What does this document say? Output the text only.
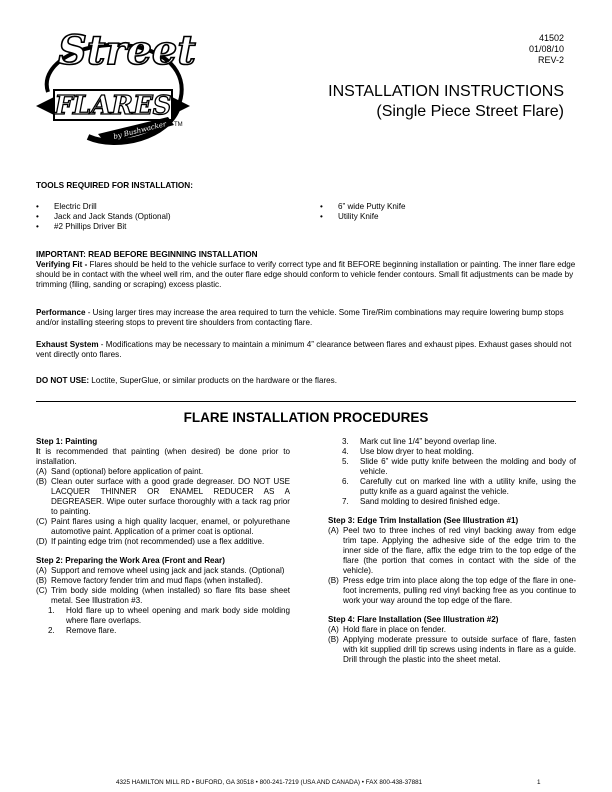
Street
FLARES
TM
by Bushwacker
41502
01/08/10
REV-2
INSTALLATION INSTRUCTIONS
(Single Piece Street Flare)
TOOLS REQUIRED FOR INSTALLATION:
• Electric Drill
• Jack and Jack Stands (Optional)
• #2 Phillips Driver Bit
• 6” wide Putty Knife
• Utility Knife
IMPORTANT: READ BEFORE BEGINNING INSTALLATION
Verifying Fit - Flares should be held to the vehicle surface to verify correct type and fit BEFORE beginning installation or painting. The inner flare edge should be in contact with the wheel well rim, and the outer flare edge should conform to vehicle fender contours. Small fit adjustments can be made by trimming (filing, sanding or scraping) excess plastic.
Performance - Using larger tires may increase the area required to turn the vehicle. Some Tire/Rim combinations may require lowering bump stops and/or installing steering stops to prevent tire shoulders from contacting flare.
Exhaust System - Modifications may be necessary to maintain a minimum 4” clearance between flares and exhaust pipes. Exhaust gases should not vent directly onto flares.
DO NOT USE: Loctite, SuperGlue, or similar products on the hardware or the flares.
FLARE INSTALLATION PROCEDURES
Step 1: Painting
It is recommended that painting (when desired) be done prior to installation.
(A) Sand (optional) before application of paint.
(B) Clean outer surface with a good grade degreaser. DO NOT USE LACQUER THINNER OR ENAMEL REDUCER AS A DEGREASER. Wipe outer surface thoroughly with a tack rag prior to painting.
(C) Paint flares using a high quality lacquer, enamel, or polyurethane automotive paint. Application of a primer coat is optional.
(D) If painting edge trim (not recommended) use a flex additive.
Step 2: Preparing the Work Area (Front and Rear)
(A) Support and remove wheel using jack and jack stands. (Optional)
(B) Remove factory fender trim and mud flaps (when installed).
(C) Trim body side molding (when installed) so flare fits base sheet metal. See Illustration #3.
1.	Hold flare up to wheel opening and mark body side molding where flare overlaps.
2.	Remove flare.
3.	Mark cut line 1/4” beyond overlap line.
4.	Use blow dryer to heat molding.
5.	Slide 6” wide putty knife between the molding and body of vehicle.
6.	Carefully cut on marked line with a utility knife, using the putty knife as a guard against the vehicle.
7.	Sand molding to desired finished edge.
Step 3: Edge Trim Installation (See Illustration #1)
(A) Peel two to three inches of red vinyl backing away from edge trim tape. Applying the adhesive side of the edge trim to the inner side of the flare, affix the edge trim to the top edge of the flare (the portion that comes in contact with the side of the vehicle).
(B) Press edge trim into place along the top edge of the flare in one-foot increments, pulling red vinyl backing free as you continue to work your way around the top edge of the flare.
Step 4: Flare Installation (See Illustration #2)
(A) Hold flare in place on fender.
(B) Applying moderate pressure to outside surface of flare, fasten with kit supplied drill tip screws using indents in flare as a guide. Drill through the plastic into the sheet metal.
4325 HAMILTON MILL RD • BUFORD, GA 30518 • 800-241-7219 (USA AND CANADA) • FAX 800-438-37881	1
